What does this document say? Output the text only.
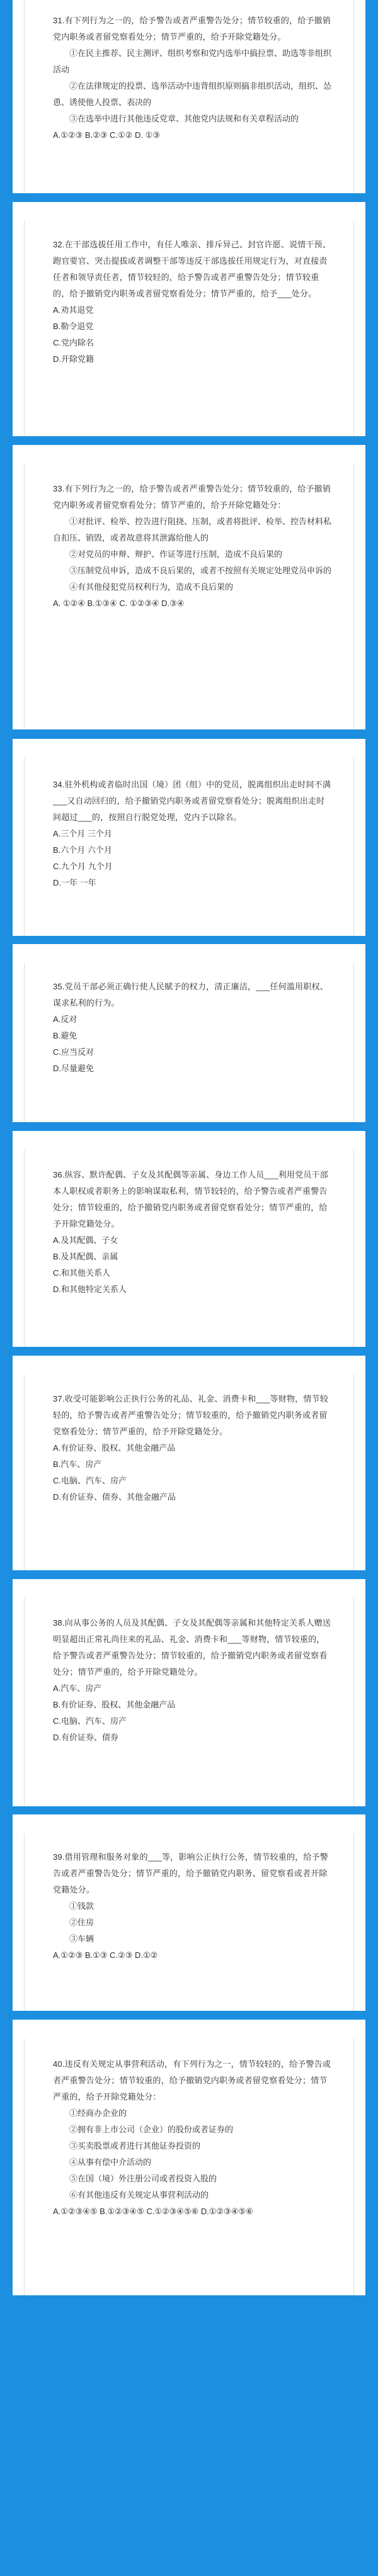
31.有下列行为之一的，给予警告或者严重警告处分；情节较重的，给予撤销党内职务或者留党察看处分；情节严重的，给予开除党籍处分。

①在民主推荐、民主测评、组织考察和党内选举中搞拉票、助选等非组织活动

②在法律规定的投票、选举活动中违背组织原则搞非组织活动，组织、怂恿、诱使他人投票、表决的

③在选举中进行其他违反党章、其他党内法规和有关章程活动的

A.①②③ B.②③ C.①② D. ①③

32.在干部选拔任用工作中，有任人唯亲、排斥异己、封官许愿、说情干预、跑官要官、突击提拔或者调整干部等违反干部选拔任用规定行为，对直接责任者和领导责任者，情节较轻的，给予警告或者严重警告处分；情节较重的，给予撤销党内职务或者留党察看处分；情节严重的，给予___处分。

A.劝其退党

B.勒令退党

C.党内除名

D.开除党籍

33.有下列行为之一的，给予警告或者严重警告处分；情节较重的，给予撤销党内职务或者留党察看处分；情节严重的，给予开除党籍处分：

①对批评、检举、控告进行阻挠、压制，或者将批评、检举、控告材料私自扣压、销毁，或者故意将其泄露给他人的

②对党员的申辩、辩护、作证等进行压制，造成不良后果的

③压制党员申诉，造成不良后果的，或者不按照有关规定处理党员申诉的

④有其他侵犯党员权利行为，造成不良后果的

A. ①②④ B.①③④ C. ①②③④ D.③④

34.驻外机构或者临时出国（境）团（组）中的党员，脱离组织出走时间不满___又自动回归的，给予撤销党内职务或者留党察看处分；脱离组织出走时间超过___的，按照自行脱党处理，党内予以除名。

A.三个月 三个月

B.六个月 六个月

C.九个月 九个月

D.一年 一年

35.党员干部必须正确行使人民赋予的权力，清正廉洁，___任何滥用职权、谋求私利的行为。

A.反对

B.避免

C.应当反对

D.尽量避免

36.纵容、默许配偶、子女及其配偶等亲属、身边工作人员___利用党员干部本人职权或者职务上的影响谋取私利，情节较轻的，给予警告或者严重警告处分；情节较重的，给予撤销党内职务或者留党察看处分；情节严重的，给予开除党籍处分。

A.及其配偶、子女

B.及其配偶、亲属

C.和其他关系人

D.和其他特定关系人

37.收受可能影响公正执行公务的礼品、礼金、消费卡和___等财物，情节较轻的，给予警告或者严重警告处分；情节较重的，给予撤销党内职务或者留党察看处分；情节严重的，给予开除党籍处分。

A.有价证券、股权、其他金融产品

B.汽车、房产

C.电脑、汽车、房产

D.有价证券、债券、其他金融产品

38.向从事公务的人员及其配偶、子女及其配偶等亲属和其他特定关系人赠送明显超出正常礼尚往来的礼品、礼金、消费卡和___等财物，情节较重的，给予警告或者严重警告处分；情节较重的，给予撤销党内职务或者留党察看处分；情节严重的，给予开除党籍处分。

A.汽车、房产

B.有价证券、股权、其他金融产品

C.电脑、汽车、房产

D.有价证券、债券

39.借用管理和服务对象的___等，影响公正执行公务，情节较重的，给予警告或者严重警告处分；情节严重的，给予撤销党内职务、留党察看或者开除党籍处分。

①钱款

②住房

③车辆

A.①②③ B.①③ C.②③ D.①②

40.违反有关规定从事营利活动，有下列行为之一，情节较轻的，给予警告或者严重警告处分；情节较重的，给予撤销党内职务或者留党察看处分；情节严重的，给予开除党籍处分：

①经商办企业的

②拥有非上市公司（企业）的股份或者证券的

③买卖股票或者进行其他证券投资的

④从事有偿中介活动的

⑤在国（境）外注册公司或者投资入股的

⑥有其他违反有关规定从事营利活动的

A.①②③④⑤ B.①②③④⑤ C.①②③④⑤⑥ D.①②③④⑤⑥
